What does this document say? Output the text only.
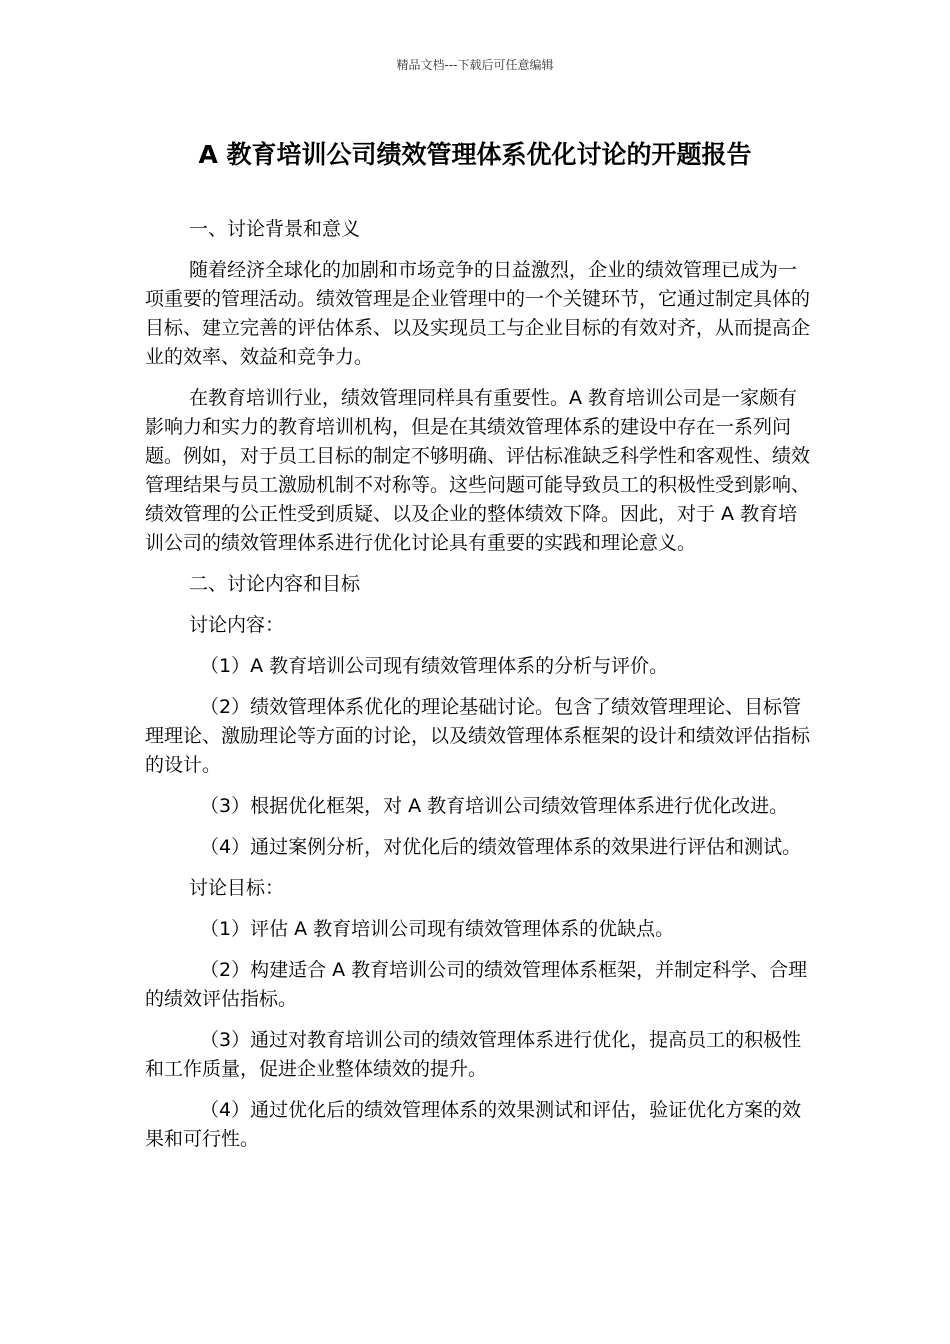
精品文档---下载后可任意编辑
A 教育培训公司绩效管理体系优化讨论的开题报告

一、讨论背景和意义

随着经济全球化的加剧和市场竞争的日益激烈，企业的绩效管理已成为一项重要的管理活动。绩效管理是企业管理中的一个关键环节，它通过制定具体的目标、建立完善的评估体系、以及实现员工与企业目标的有效对齐，从而提高企业的效率、效益和竞争力。

在教育培训行业，绩效管理同样具有重要性。A 教育培训公司是一家颇有影响力和实力的教育培训机构，但是在其绩效管理体系的建设中存在一系列问题。例如，对于员工目标的制定不够明确、评估标准缺乏科学性和客观性、绩效管理结果与员工激励机制不对称等。这些问题可能导致员工的积极性受到影响、绩效管理的公正性受到质疑、以及企业的整体绩效下降。因此，对于 A 教育培训公司的绩效管理体系进行优化讨论具有重要的实践和理论意义。

二、讨论内容和目标

讨论内容：

（1）A 教育培训公司现有绩效管理体系的分析与评价。

（2）绩效管理体系优化的理论基础讨论。包含了绩效管理理论、目标管理理论、激励理论等方面的讨论，以及绩效管理体系框架的设计和绩效评估指标的设计。

（3）根据优化框架，对 A 教育培训公司绩效管理体系进行优化改进。

（4）通过案例分析，对优化后的绩效管理体系的效果进行评估和测试。

讨论目标：

（1）评估 A 教育培训公司现有绩效管理体系的优缺点。

（2）构建适合 A 教育培训公司的绩效管理体系框架，并制定科学、合理的绩效评估指标。

（3）通过对教育培训公司的绩效管理体系进行优化，提高员工的积极性和工作质量，促进企业整体绩效的提升。

（4）通过优化后的绩效管理体系的效果测试和评估，验证优化方案的效果和可行性。
